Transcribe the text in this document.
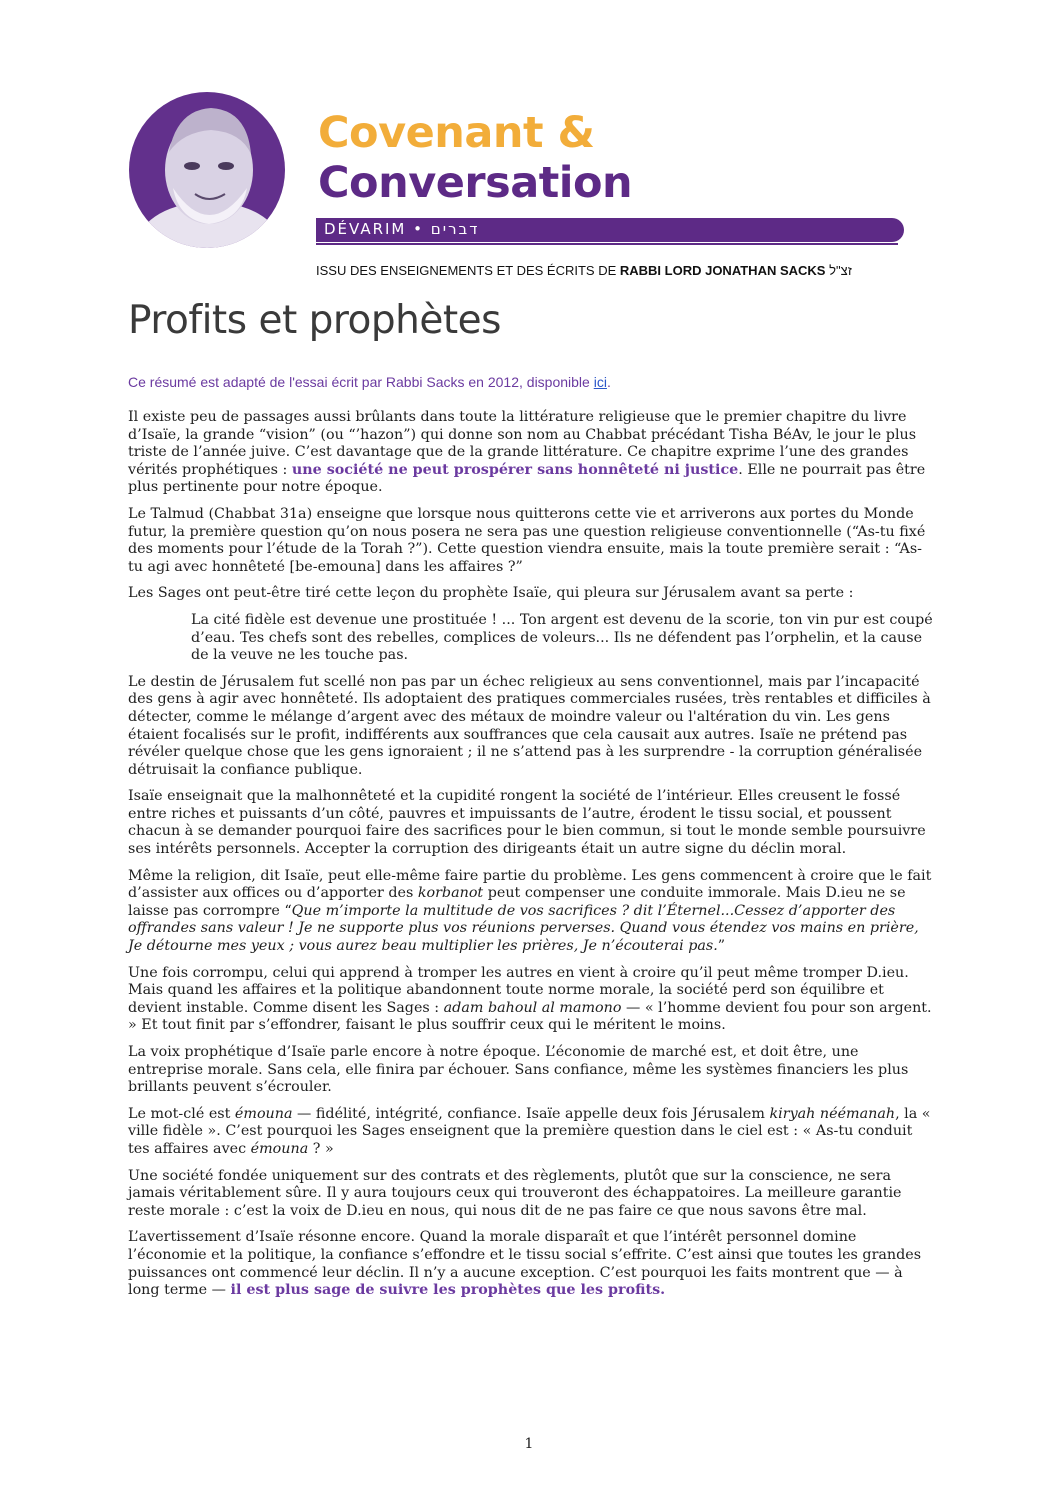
Covenant &
Conversation
DÉVARIM • דברים
ISSU DES ENSEIGNEMENTS ET DES ÉCRITS DE RABBI LORD JONATHAN SACKS זצ"ל
Profits et prophètes
Ce résumé est adapté de l'essai écrit par Rabbi Sacks en 2012, disponible ici.

Il existe peu de passages aussi brûlants dans toute la littérature religieuse que le premier chapitre du livre d’Isaïe, la grande “vision” (ou “’hazon”) qui donne son nom au Chabbat précédant Tisha BéAv, le jour le plus triste de l’année juive. C’est davantage que de la grande littérature. Ce chapitre exprime l’une des grandes vérités prophétiques : une société ne peut prospérer sans honnêteté ni justice. Elle ne pourrait pas être plus pertinente pour notre époque.

Le Talmud (Chabbat 31a) enseigne que lorsque nous quitterons cette vie et arriverons aux portes du Monde futur, la première question qu’on nous posera ne sera pas une question religieuse conventionnelle (“As-tu fixé des moments pour l’étude de la Torah ?”). Cette question viendra ensuite, mais la toute première serait : “As-tu agi avec honnêteté [be-emouna] dans les affaires ?”

Les Sages ont peut-être tiré cette leçon du prophète Isaïe, qui pleura sur Jérusalem avant sa perte :

La cité fidèle est devenue une prostituée ! ... Ton argent est devenu de la scorie, ton vin pur est coupé d’eau. Tes chefs sont des rebelles, complices de voleurs... Ils ne défendent pas l’orphelin, et la cause de la veuve ne les touche pas.

Le destin de Jérusalem fut scellé non pas par un échec religieux au sens conventionnel, mais par l’incapacité des gens à agir avec honnêteté. Ils adoptaient des pratiques commerciales rusées, très rentables et difficiles à détecter, comme le mélange d’argent avec des métaux de moindre valeur ou l'altération du vin. Les gens étaient focalisés sur le profit, indifférents aux souffrances que cela causait aux autres. Isaïe ne prétend pas révéler quelque chose que les gens ignoraient ; il ne s’attend pas à les surprendre - la corruption généralisée détruisait la confiance publique.

Isaïe enseignait que la malhonnêteté et la cupidité rongent la société de l’intérieur. Elles creusent le fossé entre riches et puissants d’un côté, pauvres et impuissants de l’autre, érodent le tissu social, et poussent chacun à se demander pourquoi faire des sacrifices pour le bien commun, si tout le monde semble poursuivre ses intérêts personnels. Accepter la corruption des dirigeants était un autre signe du déclin moral.

Même la religion, dit Isaïe, peut elle-même faire partie du problème. Les gens commencent à croire que le fait d’assister aux offices ou d’apporter des korbanot peut compenser une conduite immorale. Mais D.ieu ne se laisse pas corrompre “Que m’importe la multitude de vos sacrifices ? dit l’Éternel...Cessez d’apporter des offrandes sans valeur ! Je ne supporte plus vos réunions perverses. Quand vous étendez vos mains en prière, Je détourne mes yeux ; vous aurez beau multiplier les prières, Je n’écouterai pas.”

Une fois corrompu, celui qui apprend à tromper les autres en vient à croire qu’il peut même tromper D.ieu. Mais quand les affaires et la politique abandonnent toute norme morale, la société perd son équilibre et devient instable. Comme disent les Sages : adam bahoul al mamono — « l’homme devient fou pour son argent. » Et tout finit par s’effondrer, faisant le plus souffrir ceux qui le méritent le moins.

La voix prophétique d’Isaïe parle encore à notre époque. L’économie de marché est, et doit être, une entreprise morale. Sans cela, elle finira par échouer. Sans confiance, même les systèmes financiers les plus brillants peuvent s’écrouler.

Le mot-clé est émouna — fidélité, intégrité, confiance. Isaïe appelle deux fois Jérusalem kiryah néémanah, la « ville fidèle ». C’est pourquoi les Sages enseignent que la première question dans le ciel est : « As-tu conduit tes affaires avec émouna ? »

Une société fondée uniquement sur des contrats et des règlements, plutôt que sur la conscience, ne sera jamais véritablement sûre. Il y aura toujours ceux qui trouveront des échappatoires. La meilleure garantie reste morale : c’est la voix de D.ieu en nous, qui nous dit de ne pas faire ce que nous savons être mal.

L’avertissement d’Isaïe résonne encore. Quand la morale disparaît et que l’intérêt personnel domine l’économie et la politique, la confiance s’effondre et le tissu social s’effrite. C’est ainsi que toutes les grandes puissances ont commencé leur déclin. Il n’y a aucune exception. C’est pourquoi les faits montrent que — à long terme — il est plus sage de suivre les prophètes que les profits.

1
